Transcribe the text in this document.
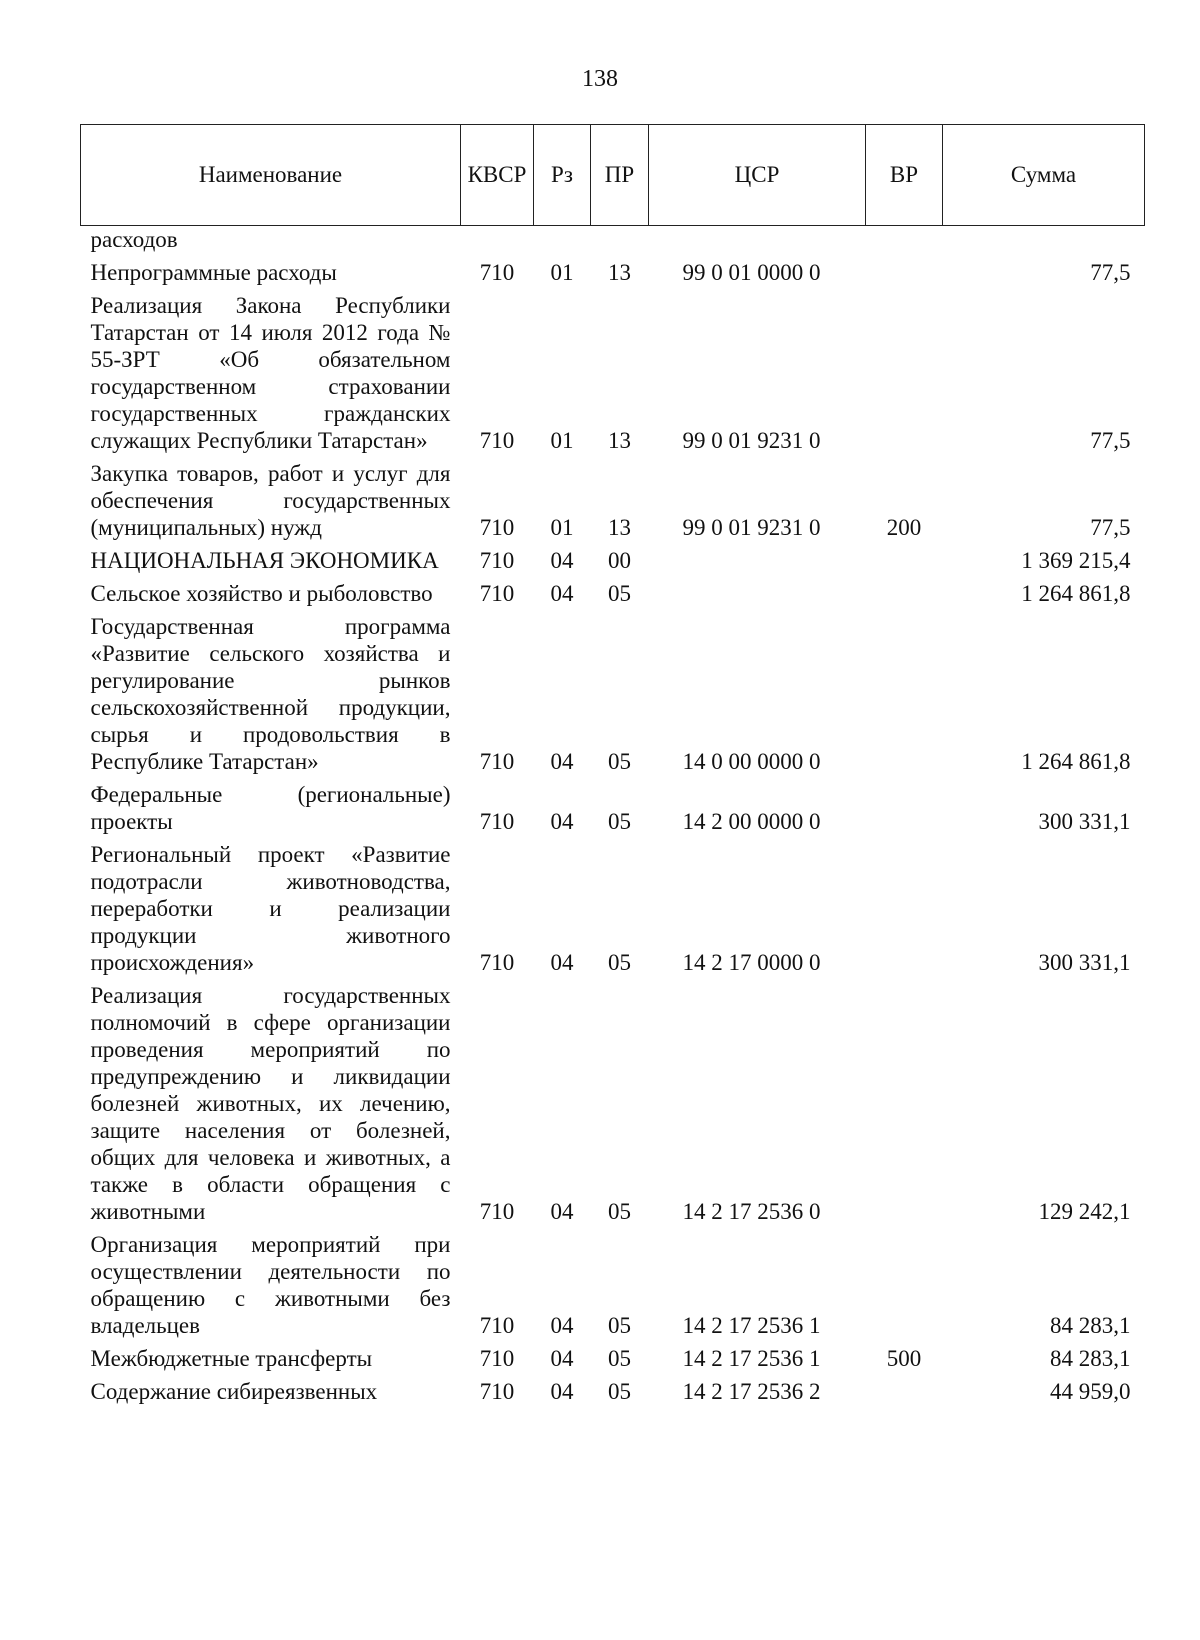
138
Наименование	КВСР	Рз	ПР	ЦСР	ВР	Сумма
расходов						
Непрограммные расходы	710	01	13	99 0 01 0000 0		77,5
Реализация Закона Республики Татарстан от 14 июля 2012 года № 55-ЗРТ «Об обязательном государственном страховании государственных гражданских служащих Республики Татарстан»	710	01	13	99 0 01 9231 0		77,5
Закупка товаров, работ и услуг для обеспечения государственных (муниципальных) нужд	710	01	13	99 0 01 9231 0	200	77,5
НАЦИОНАЛЬНАЯ ЭКОНОМИКА	710	04	00			1 369 215,4
Сельское хозяйство и рыболовство	710	04	05			1 264 861,8
Государственная программа «Развитие сельского хозяйства и регулирование рынков сельскохозяйственной продукции, сырья и продовольствия в Республике Татарстан»	710	04	05	14 0 00 0000 0		1 264 861,8
Федеральные (региональные) проекты	710	04	05	14 2 00 0000 0		300 331,1
Региональный проект «Развитие подотрасли животноводства, переработки и реализации продукции животного происхождения»	710	04	05	14 2 17 0000 0		300 331,1
Реализация государственных полномочий в сфере организации проведения мероприятий по предупреждению и ликвидации болезней животных, их лечению, защите населения от болезней, общих для человека и животных, а также в области обращения с животными	710	04	05	14 2 17 2536 0		129 242,1
Организация мероприятий при осуществлении деятельности по обращению с животными без владельцев	710	04	05	14 2 17 2536 1		84 283,1
Межбюджетные трансферты	710	04	05	14 2 17 2536 1	500	84 283,1
Содержание сибиреязвенных	710	04	05	14 2 17 2536 2		44 959,0
